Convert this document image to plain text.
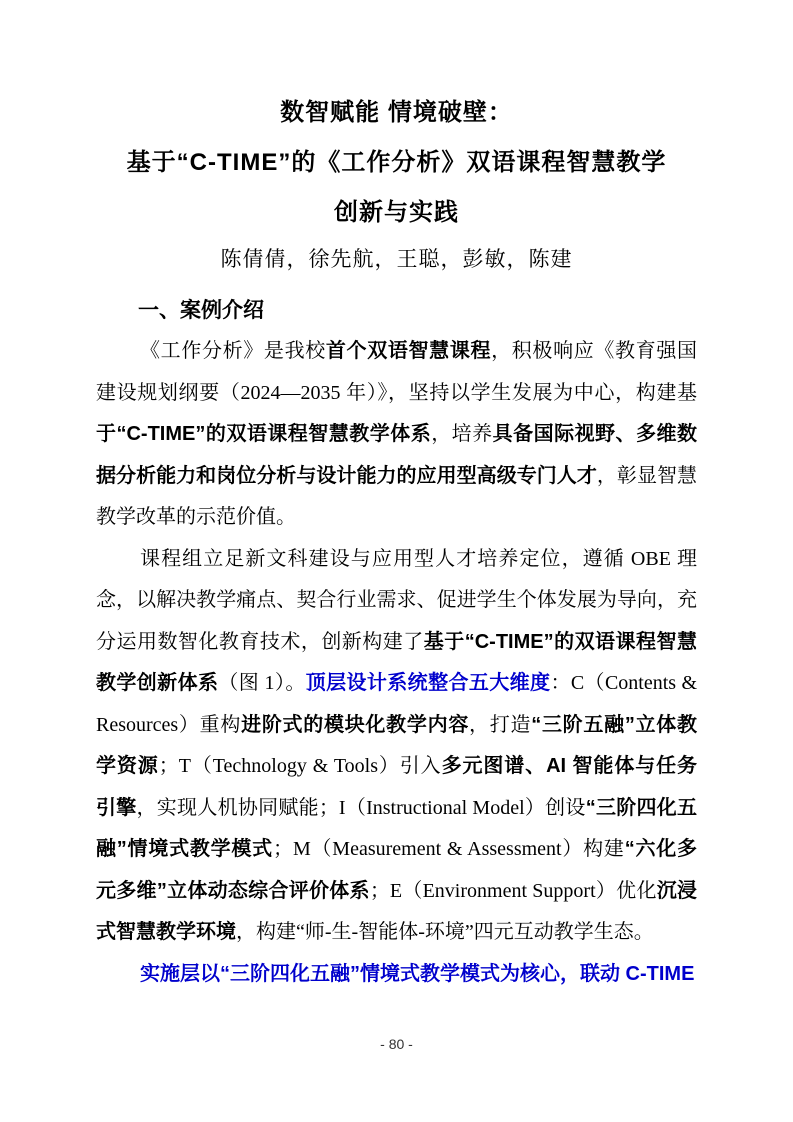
数智赋能 情境破壁：
基于“C-TIME”的《工作分析》双语课程智慧教学
创新与实践
陈倩倩，徐先航，王聪，彭敏，陈建
一、案例介绍

《工作分析》是我校首个双语智慧课程，积极响应《教育强国建设规划纲要（2024—2035 年）》，坚持以学生发展为中心，构建基于“C-TIME”的双语课程智慧教学体系，培养具备国际视野、多维数据分析能力和岗位分析与设计能力的应用型高级专门人才，彰显智慧教学改革的示范价值。

课程组立足新文科建设与应用型人才培养定位，遵循 OBE 理念，以解决教学痛点、契合行业需求、促进学生个体发展为导向，充分运用数智化教育技术，创新构建了基于“C-TIME”的双语课程智慧教学创新体系（图 1）。顶层设计系统整合五大维度：C（Contents & Resources）重构进阶式的模块化教学内容，打造“三阶五融”立体教学资源；T（Technology & Tools）引入多元图谱、AI 智能体与任务引擎，实现人机协同赋能；I（Instructional Model）创设“三阶四化五融”情境式教学模式；M（Measurement & Assessment）构建“六化多元多维”立体动态综合评价体系；E（Environment Support）优化沉浸式智慧教学环境，构建“师-生-智能体-环境”四元互动教学生态。

实施层以“三阶四化五融”情境式教学模式为核心，联动 C-TIME

- 80 -
